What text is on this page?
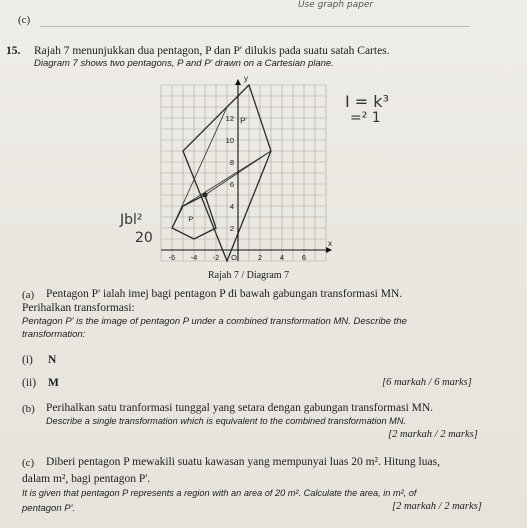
Use graph paper
(c)
15. Rajah 7 menunjukkan dua pentagon, P dan P' dilukis pada suatu satah Cartes.
Diagram 7 shows two pentagons, P and P' drawn on a Cartesian plane.
12
10
8
6
4
2
-6 -4 -2 O	2 4 6
y
x
P
P'
Rajah 7 / Diagram 7
I = k³
=² 1
Jbl²
20
(a) Pentagon P' ialah imej bagi pentagon P di bawah gabungan transformasi MN.
Perihalkan transformasi:
Pentagon P' is the image of pentagon P under a combined transformation MN. Describe the
transformation:
(i) N
(ii) M	[6 markah / 6 marks]
(b) Perihalkan satu tranformasi tunggal yang setara dengan gabungan transformasi MN.
Describe a single transformation which is equivalent to the combined transformation MN.
[2 markah / 2 marks]
(c) Diberi pentagon P mewakili suatu kawasan yang mempunyai luas 20 m². Hitung luas,
dalam m², bagi pentagon P'.
It is given that pentagon P represents a region with an area of 20 m². Calculate the area, in m², of
pentagon P'.	[2 markah / 2 marks]
